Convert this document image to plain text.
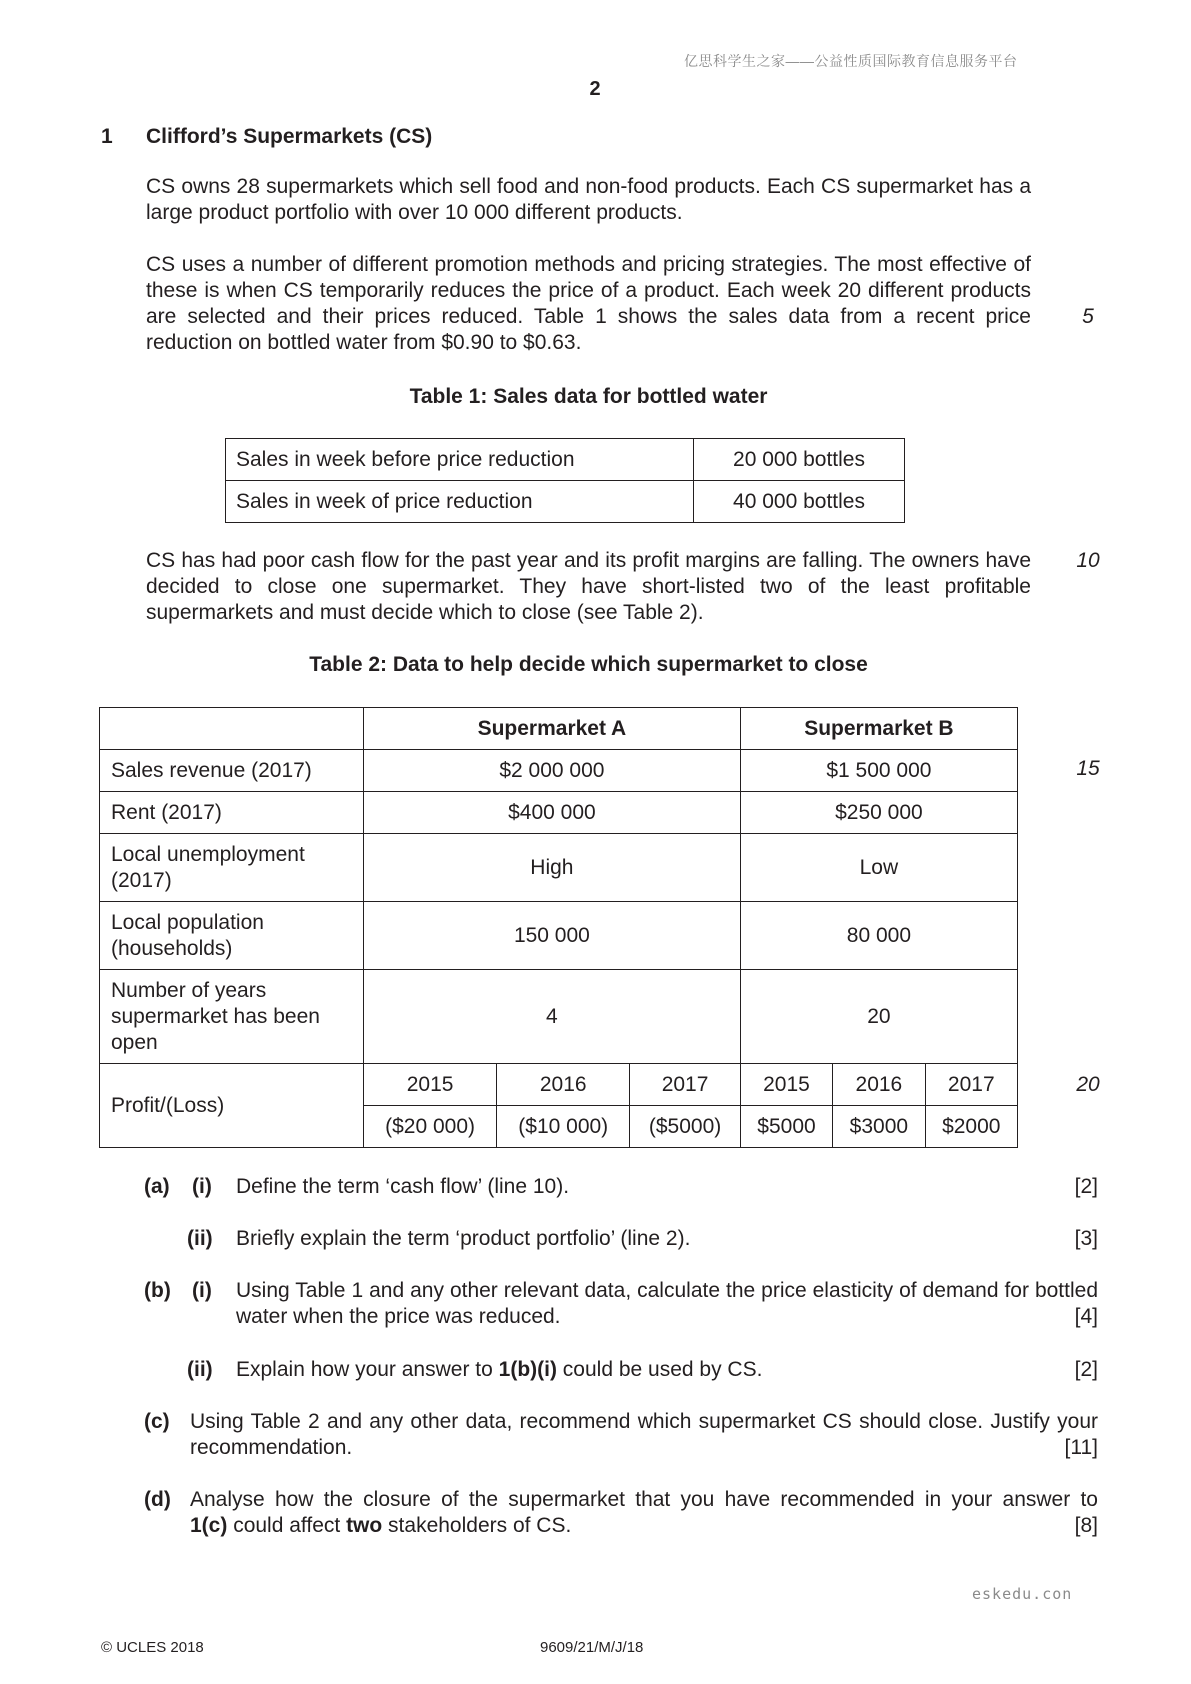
亿思科学生之家——公益性质国际教育信息服务平台
2
1 Clifford’s Supermarkets (CS)
CS owns 28 supermarkets which sell food and non-food products. Each CS supermarket has a large product portfolio with over 10 000 different products.
CS uses a number of different promotion methods and pricing strategies. The most effective of these is when CS temporarily reduces the price of a product. Each week 20 different products are selected and their prices reduced. Table 1 shows the sales data from a recent price reduction on bottled water from $0.90 to $0.63.
5
Table 1: Sales data for bottled water
Sales in week before price reduction	20 000 bottles
Sales in week of price reduction	40 000 bottles
CS has had poor cash flow for the past year and its profit margins are falling. The owners have decided to close one supermarket. They have short-listed two of the least profitable supermarkets and must decide which to close (see Table 2).
10
Table 2: Data to help decide which supermarket to close
	Supermarket A			Supermarket B		
Sales revenue (2017)	$2 000 000			$1 500 000		
Rent (2017)	$400 000			$250 000		
Local unemployment (2017)	High			Low		
Local population (households)	150 000			80 000		
Number of years supermarket has been open	4			20		
Profit/(Loss)	2015	2016	2017	2015	2016	2017
	($20 000)	($10 000)	($5000)	$5000	$3000	$2000
15
20
(a) (i) Define the term ‘cash flow’ (line 10).	[2]
(ii) Briefly explain the term ‘product portfolio’ (line 2).	[3]
(b) (i) Using Table 1 and any other relevant data, calculate the price elasticity of demand for bottled water when the price was reduced.	[4]
(ii) Explain how your answer to 1(b)(i) could be used by CS.	[2]
(c) Using Table 2 and any other data, recommend which supermarket CS should close. Justify your recommendation.	[11]
(d) Analyse how the closure of the supermarket that you have recommended in your answer to
1(c) could affect two stakeholders of CS.	[8]
eskedu.con
© UCLES 2018	9609/21/M/J/18
